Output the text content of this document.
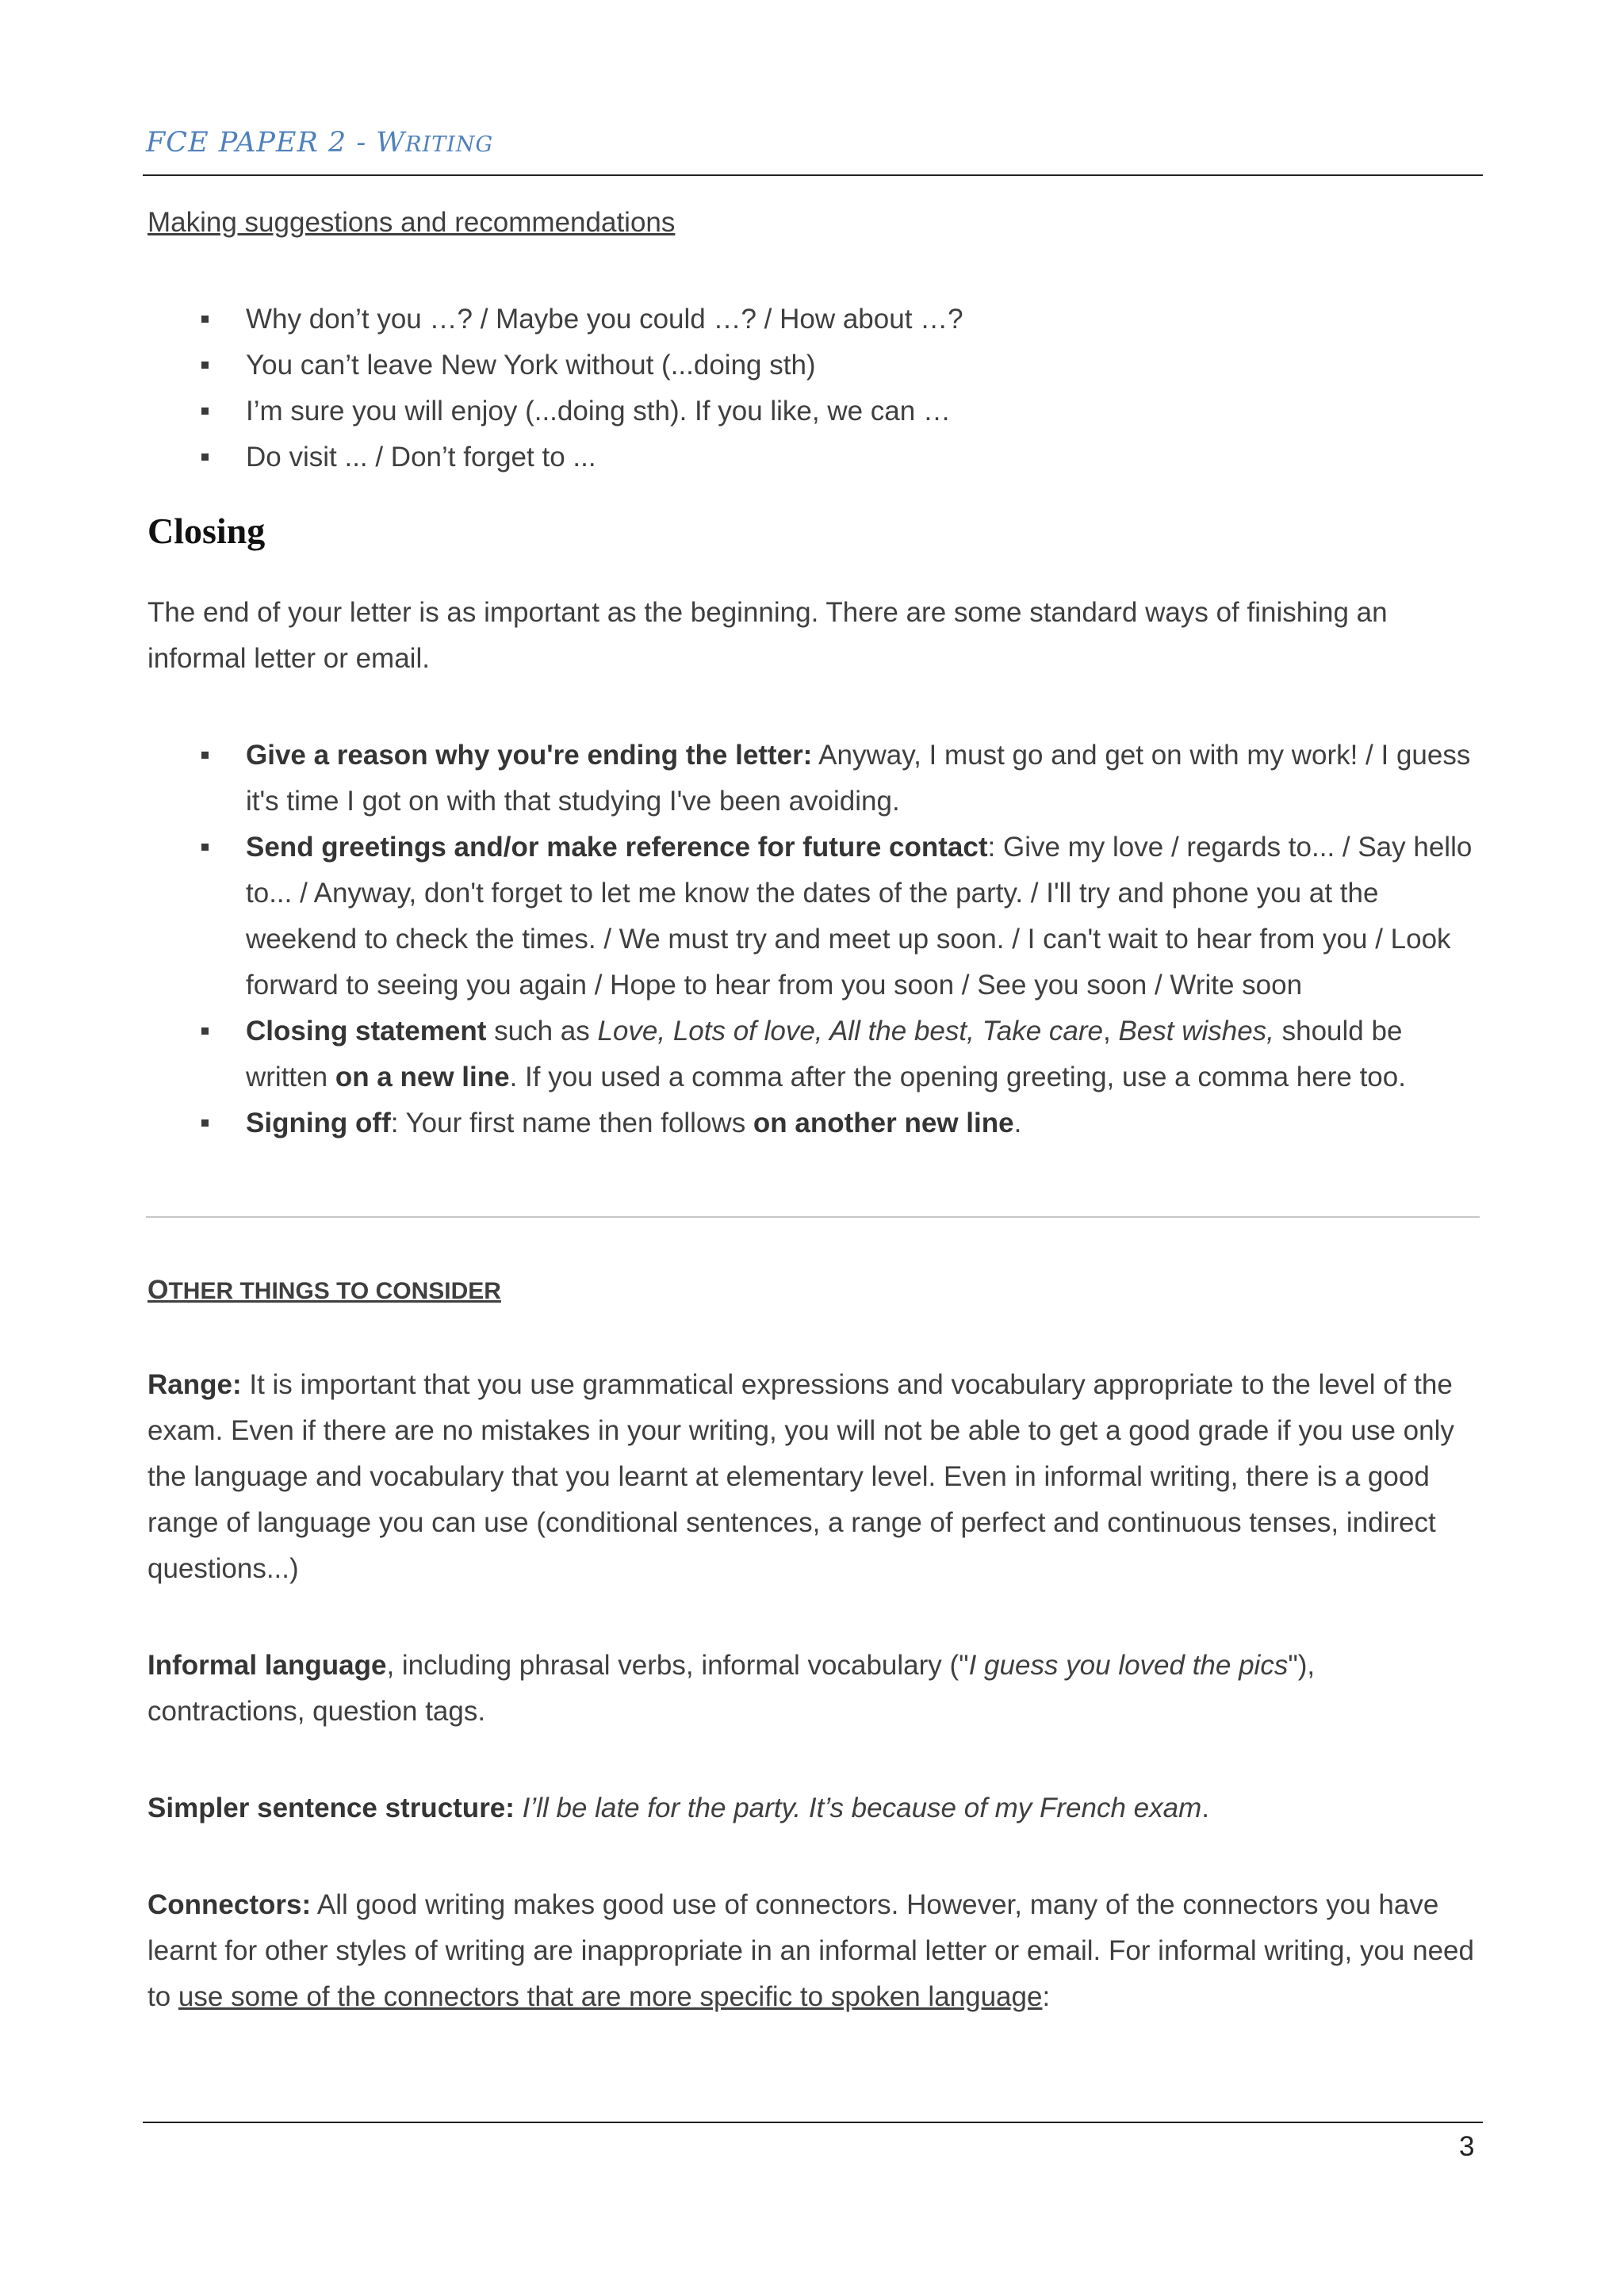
FCE PAPER 2 - WRITING
Making suggestions and recommendations
Why don’t you …? / Maybe you could …? / How about …?
You can’t leave New York without (...doing sth)
I’m sure you will enjoy (...doing sth). If you like, we can …
Do visit ... / Don’t forget to ...
Closing

The end of your letter is as important as the beginning. There are some standard ways of finishing an informal letter or email.

Give a reason why you're ending the letter: Anyway, I must go and get on with my work! / I guess it's time I got on with that studying I've been avoiding.
Send greetings and/or make reference for future contact: Give my love / regards to... / Say hello to... / Anyway, don't forget to let me know the dates of the party. / I'll try and phone you at the weekend to check the times. / We must try and meet up soon. / I can't wait to hear from you / Look forward to seeing you again / Hope to hear from you soon / See you soon / Write soon
Closing statement such as Love, Lots of love, All the best, Take care, Best wishes, should be written on a new line. If you used a comma after the opening greeting, use a comma here too.
Signing off: Your first name then follows on another new line.
OTHER THINGS TO CONSIDER

Range: It is important that you use grammatical expressions and vocabulary appropriate to the level of the exam. Even if there are no mistakes in your writing, you will not be able to get a good grade if you use only the language and vocabulary that you learnt at elementary level. Even in informal writing, there is a good range of language you can use (conditional sentences, a range of perfect and continuous tenses, indirect questions...)

Informal language, including phrasal verbs, informal vocabulary ("I guess you loved the pics"), contractions, question tags.

Simpler sentence structure: I’ll be late for the party. It’s because of my French exam.

Connectors: All good writing makes good use of connectors. However, many of the connectors you have learnt for other styles of writing are inappropriate in an informal letter or email. For informal writing, you need to use some of the connectors that are more specific to spoken language:

3
